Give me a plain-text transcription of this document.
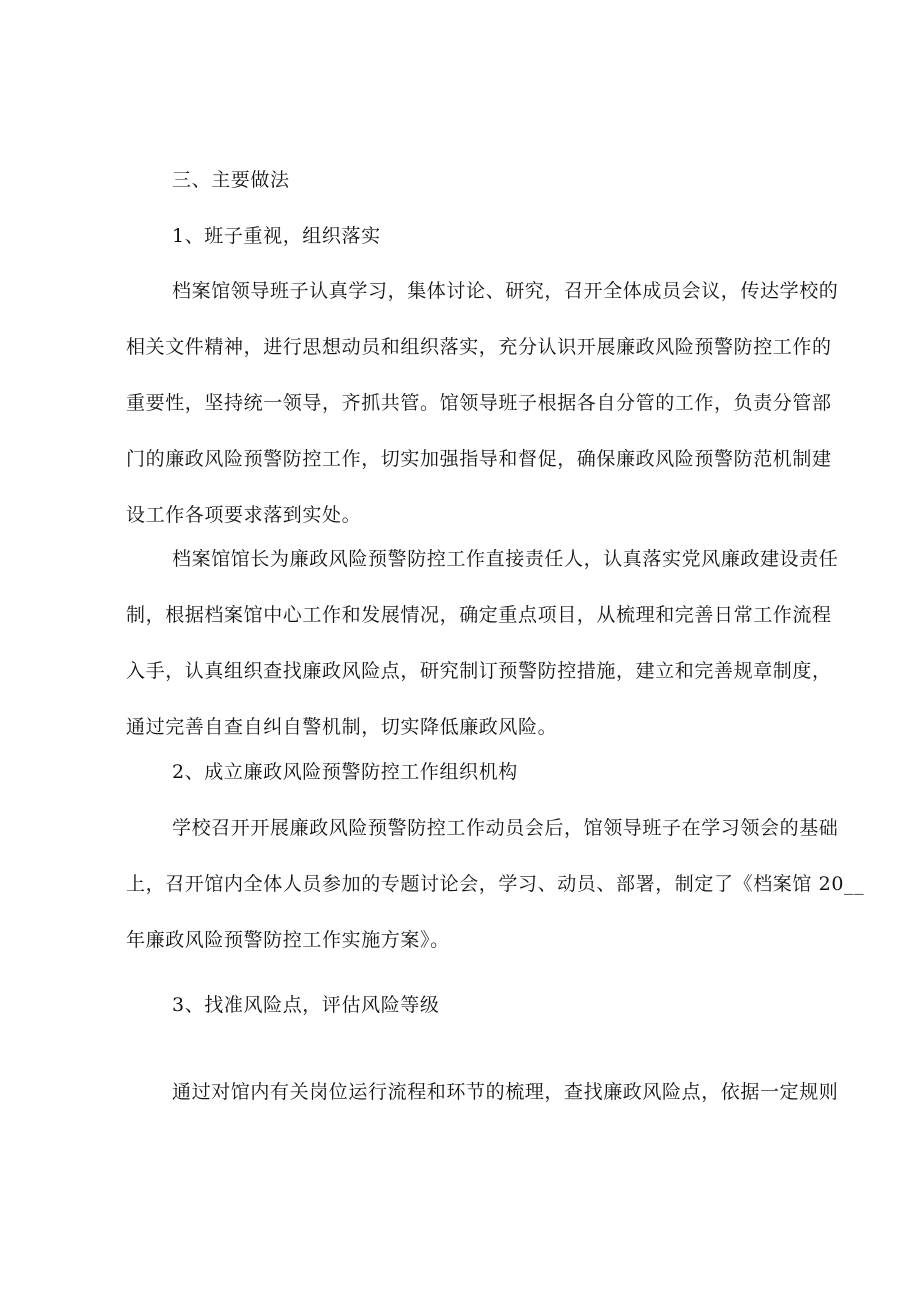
三、主要做法
1、班子重视，组织落实
档案馆领导班子认真学习，集体讨论、研究，召开全体成员会议，传达学校的
相关文件精神，进行思想动员和组织落实，充分认识开展廉政风险预警防控工作的
重要性，坚持统一领导，齐抓共管。馆领导班子根据各自分管的工作，负责分管部
门的廉政风险预警防控工作，切实加强指导和督促，确保廉政风险预警防范机制建
设工作各项要求落到实处。
档案馆馆长为廉政风险预警防控工作直接责任人，认真落实党风廉政建设责任
制，根据档案馆中心工作和发展情况，确定重点项目，从梳理和完善日常工作流程
入手，认真组织查找廉政风险点，研究制订预警防控措施，建立和完善规章制度，
通过完善自查自纠自警机制，切实降低廉政风险。
2、成立廉政风险预警防控工作组织机构
学校召开开展廉政风险预警防控工作动员会后，馆领导班子在学习领会的基础
上，召开馆内全体人员参加的专题讨论会，学习、动员、部署，制定了《档案馆 20__
年廉政风险预警防控工作实施方案》。
3、找准风险点，评估风险等级
通过对馆内有关岗位运行流程和环节的梳理，查找廉政风险点，依据一定规则
